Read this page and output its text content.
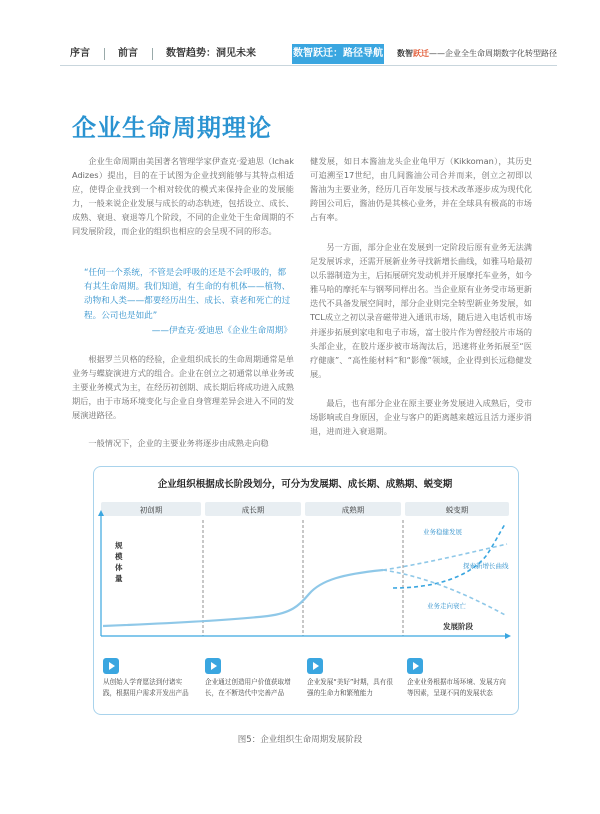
序言	前言	数智趋势：洞见未来	数智跃迁：路径导航 数智跃迁——企业全生命周期数字化转型路径
企业生命周期理论
企业生命周期由美国著名管理学家伊查克·爱迪思（Ichak Adizes）提出，目的在于试图为企业找到能够与其特点相适应，使得企业找到一个相对较优的模式来保持企业的发展能力，一般来说企业发展与成长的动态轨迹，包括设立、成长、成熟、衰退、衰退等几个阶段，不同的企业处于生命周期的不同发展阶段，而企业的组织也相应的会呈现不同的形态。
“任何一个系统，不管是会呼吸的还是不会呼吸的，都有其生命周期。我们知道，有生命的有机体——植物、动物和人类——都要经历出生、成长、衰老和死亡的过程。公司也是如此”
——伊查克·爱迪思《企业生命周期》
根据罗兰贝格的经验，企业组织成长的生命周期通常是单业务与蝶旋演进方式的组合。企业在创立之初通常以单业务或主要业务模式为主，在经历初创期、成长期后将成功进入成熟期后，由于市场环境变化与企业自身管理差异会进入不同的发展演进路径。
一般情况下，企业的主要业务将逐步由成熟走向稳
健发展，如日本酱油龙头企业龟甲万（Kikkoman），其历史可追溯至17世纪，由几间酱油公司合并而来，创立之初即以酱油为主要业务，经历几百年发展与技术改革逐步成为现代化跨国公司后，酱油仍是其核心业务，并在全球具有极高的市场占有率。
另一方面，部分企业在发展到一定阶段后原有业务无法满足发展诉求，还需开展新业务寻找新增长曲线，如雅马哈最初以乐器制造为主，后拓展研究发动机并开展摩托车业务，如今雅马哈的摩托车与钢琴同样出名。当企业原有业务受市场更新迭代不具备发展空间时，部分企业则完全转型新业务发展，如TCL成立之初以录音磁带进入通讯市场，随后进入电话机市场并逐步拓展到家电和电子市场，富士胶片作为曾经胶片市场的头部企业，在胶片逐步被市场淘汰后，迅速将业务拓展至“医疗健康”、“高性能材料”和“影像”领域，企业得到长远稳健发展。
最后，也有部分企业在原主要业务发展进入成熟后，受市场影响或自身原因，企业与客户的距离越来越远且活力逐步消退，进而进入衰退期。
企业组织根据成长阶段划分，可分为发展期、成长期、成熟期、蜕变期
初创期	成长期	成熟期	蜕变期
规
模
体
量
发展阶段
业务稳健发展
探索新增长曲线
业务走向衰亡
从创始人学育愿法到付诸实践，根据用户需求开发出产品
企业通过创造用户价值获取增长，在不断迭代中完善产品
企业发展“美好”时期，具有很强的生命力和繁殖能力
企业业务根据市场环境、发展方向等因素，呈现不同的发展状态
图5：企业组织生命周期发展阶段
